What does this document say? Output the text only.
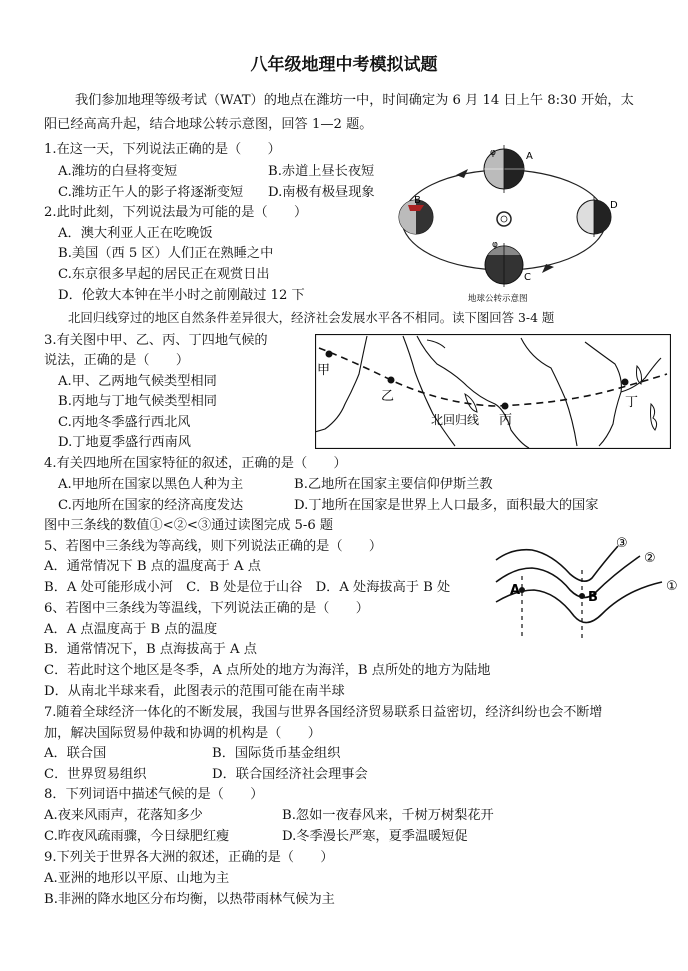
八年级地理中考模拟试题
我们参加地理等级考试（WAT）的地点在潍坊一中，时间确定为 6 月 14 日上午 8:30 开始，太
阳已经高高升起，结合地球公转示意图，回答 1—2 题。
1.在这一天，下列说法正确的是（　　）
A.潍坊的白昼将变短	B.赤道上昼长夜短
C.潍坊正午人的影子将逐渐变短 D.南极有极昼现象
2.此时此刻，下列说法最为可能的是（　　）
A．澳大利亚人正在吃晚饭
B.美国（西 5 区）人们正在熟睡之中
C.东京很多早起的居民正在观赏日出
D．伦敦大本钟在半小时之前刚敲过 12 下
φ	A
B	D
φ
C
地球公转示意图
北回归线穿过的地区自然条件差异很大，经济社会发展水平各不相同。读下图回答 3-4 题
3.有关图中甲、乙、丙、丁四地气候的
说法，正确的是（　　）
A.甲、乙两地气候类型相同
B.丙地与丁地气候类型相同
C.丙地冬季盛行西北风
D.丁地夏季盛行西南风
甲
乙
丙
丁
北回归线
4.有关四地所在国家特征的叙述，正确的是（　　）
A.甲地所在国家以黑色人种为主	B.乙地所在国家主要信仰伊斯兰教
C.丙地所在国家的经济高度发达	D.丁地所在国家是世界上人口最多，面积最大的国家
图中三条线的数值①<②<③通过读图完成 5-6 题
5、若图中三条线为等高线，则下列说法正确的是（　　）
A．通常情况下 B 点的温度高于 A 点
B．A 处可能形成小河　C．B 处是位于山谷　D．A 处海拔高于 B 处	A	B
③
②
①
6、若图中三条线为等温线，下列说法正确的是（　　）
A．A 点温度高于 B 点的温度
B．通常情况下，B 点海拔高于 A 点
C．若此时这个地区是冬季，A 点所处的地方为海洋，B 点所处的地方为陆地
D．从南北半球来看，此图表示的范围可能在南半球
7.随着全球经济一体化的不断发展，我国与世界各国经济贸易联系日益密切，经济纠纷也会不断增
加，解决国际贸易仲裁和协调的机构是（　　）
A．联合国	B．国际货币基金组织
C．世界贸易组织	D．联合国经济社会理事会
8．下列词语中描述气候的是（　　）
A.夜来风雨声，花落知多少	B.忽如一夜春风来，千树万树梨花开
C.昨夜风疏雨骤，今日绿肥红瘦	D.冬季漫长严寒，夏季温暖短促
9.下列关于世界各大洲的叙述，正确的是（　　）
A.亚洲的地形以平原、山地为主
B.非洲的降水地区分布均衡，以热带雨林气候为主
